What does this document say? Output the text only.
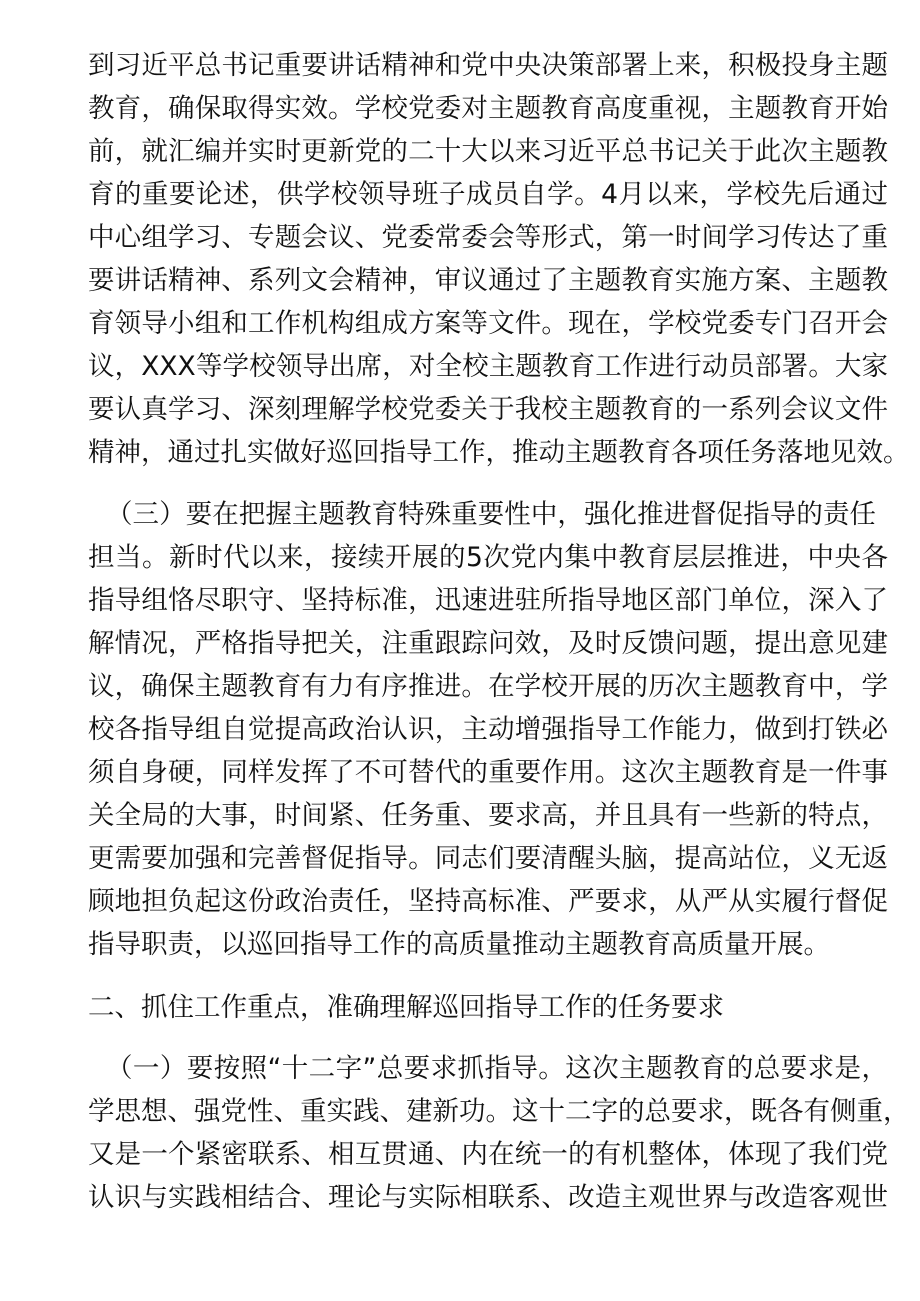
到习近平总书记重要讲话精神和党中央决策部署上来，积极投身主题
教育，确保取得实效。学校党委对主题教育高度重视，主题教育开始
前，就汇编并实时更新党的二十大以来习近平总书记关于此次主题教
育的重要论述，供学校领导班子成员自学。4月以来，学校先后通过
中心组学习、专题会议、党委常委会等形式，第一时间学习传达了重
要讲话精神、系列文会精神，审议通过了主题教育实施方案、主题教
育领导小组和工作机构组成方案等文件。现在，学校党委专门召开会
议，XXX等学校领导出席，对全校主题教育工作进行动员部署。大家
要认真学习、深刻理解学校党委关于我校主题教育的一系列会议文件
精神，通过扎实做好巡回指导工作，推动主题教育各项任务落地见效。
（三）要在把握主题教育特殊重要性中，强化推进督促指导的责任
担当。新时代以来，接续开展的5次党内集中教育层层推进，中央各
指导组恪尽职守、坚持标准，迅速进驻所指导地区部门单位，深入了
解情况，严格指导把关，注重跟踪问效，及时反馈问题，提出意见建
议，确保主题教育有力有序推进。在学校开展的历次主题教育中，学
校各指导组自觉提高政治认识，主动增强指导工作能力，做到打铁必
须自身硬，同样发挥了不可替代的重要作用。这次主题教育是一件事
关全局的大事，时间紧、任务重、要求高，并且具有一些新的特点，
更需要加强和完善督促指导。同志们要清醒头脑，提高站位，义无返
顾地担负起这份政治责任，坚持高标准、严要求，从严从实履行督促
指导职责，以巡回指导工作的高质量推动主题教育高质量开展。
二、抓住工作重点，准确理解巡回指导工作的任务要求
（一）要按照“十二字”总要求抓指导。这次主题教育的总要求是，
学思想、强党性、重实践、建新功。这十二字的总要求，既各有侧重，
又是一个紧密联系、相互贯通、内在统一的有机整体，体现了我们党
认识与实践相结合、理论与实际相联系、改造主观世界与改造客观世
